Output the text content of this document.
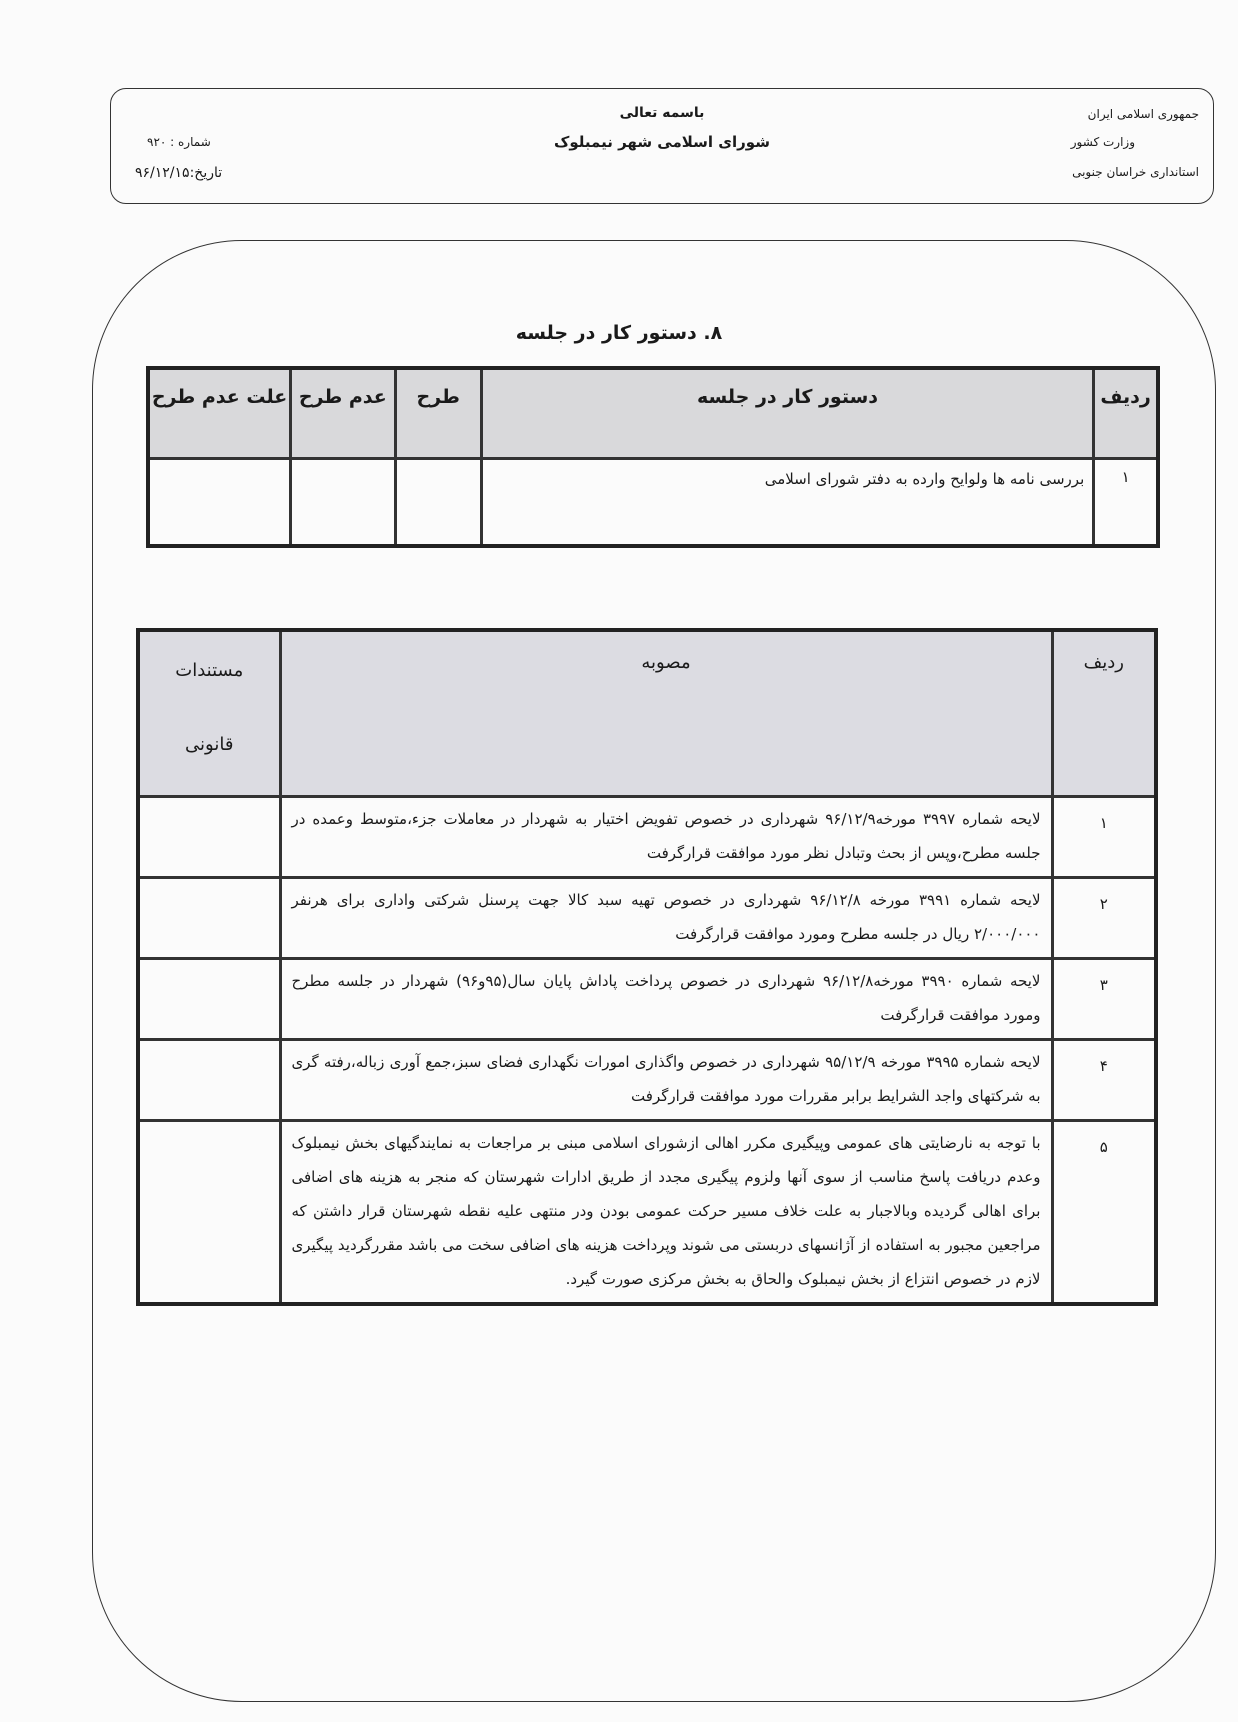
باسمه تعالی
شورای اسلامی شهر نیمبلوک
جمهوری اسلامی ایران
وزارت کشور
استانداری خراسان جنوبی
شماره : ۹۲۰
تاریخ:۹۶/۱۲/۱۵
۸. دستور کار در جلسه
ردیف	دستور کار در جلسه	طرح	عدم طرح	علت عدم طرح
۱	بررسی نامه ها ولوایح وارده به دفتر شورای اسلامی			
ردیف	مصوبه	مستندات
قانونی

۱	لایحه شماره ۳۹۹۷ مورخه۹۶/۱۲/۹ شهرداری در خصوص تفویض اختیار به شهردار در معاملات جزء،متوسط وعمده در جلسه مطرح،وپس از بحث وتبادل نظر مورد موافقت قرارگرفت	
۲	لایحه شماره ۳۹۹۱ مورخه ۹۶/۱۲/۸ شهرداری در خصوص تهیه سبد کالا جهت پرسنل شرکتی واداری برای هرنفر ۲/۰۰۰/۰۰۰ ریال در جلسه مطرح ومورد موافقت قرارگرفت	
۳	لایحه شماره ۳۹۹۰ مورخه۹۶/۱۲/۸ شهرداری در خصوص پرداخت پاداش پایان سال(۹۵و۹۶) شهردار در جلسه مطرح ومورد موافقت قرارگرفت	
۴	لایحه شماره ۳۹۹۵ مورخه ۹۵/۱۲/۹ شهرداری در خصوص واگذاری امورات نگهداری فضای سبز،جمع آوری زباله،رفته گری به شرکتهای واجد الشرایط برابر مقررات مورد موافقت قرارگرفت	
۵	با توجه به نارضایتی های عمومی وپیگیری مکرر اهالی ازشورای اسلامی مبنی بر مراجعات به نمایندگیهای بخش نیمبلوک وعدم دریافت پاسخ مناسب از سوی آنها ولزوم پیگیری مجدد از طریق ادارات شهرستان که منجر به هزینه های اضافی برای اهالی گردیده وبالاجبار به علت خلاف مسیر حرکت عمومی بودن ودر منتهی علیه نقطه شهرستان قرار داشتن که مراجعین مجبور به استفاده از آژانسهای دربستی می شوند وپرداخت هزینه های اضافی سخت می باشد مقررگردید پیگیری لازم در خصوص انتزاع از بخش نیمبلوک والحاق به بخش مرکزی صورت گیرد.	
